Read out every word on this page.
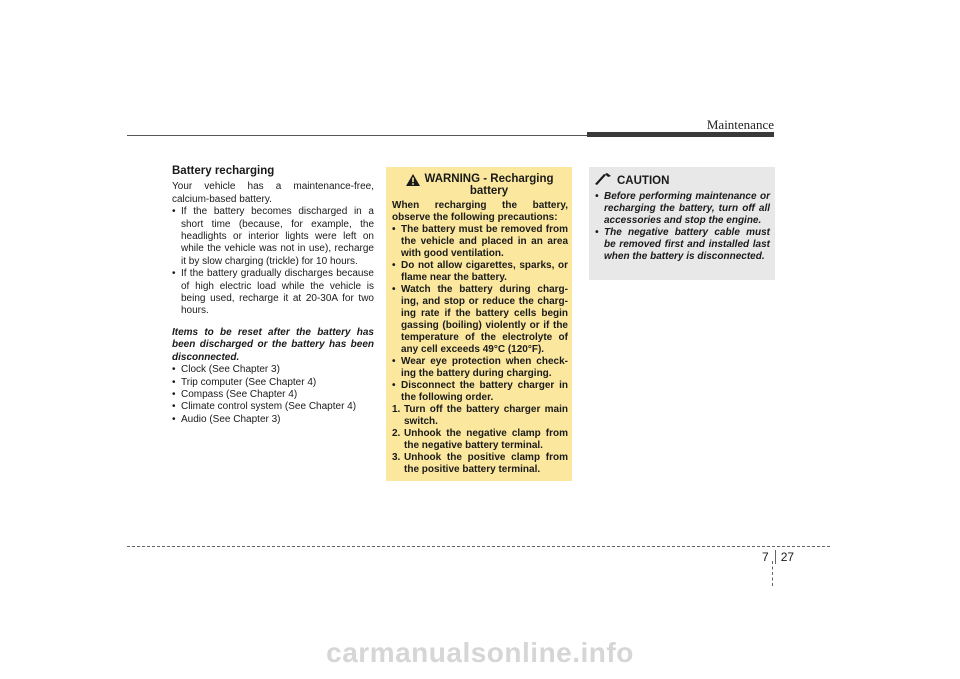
Maintenance
Battery recharging
Your vehicle has a maintenance-free, calcium-based battery.
• If the battery becomes discharged in a short time (because, for example, the headlights or interior lights were left on while the vehicle was not in use), recharge it by slow charging (trickle) for 10 hours.
• If the battery gradually discharges because of high electric load while the vehicle is being used, recharge it at 20-30A for two hours.
Items to be reset after the battery has been discharged or the battery has been disconnected.
• Clock (See Chapter 3)
• Trip computer (See Chapter 4)
• Compass (See Chapter 4)
• Climate control system (See Chapter 4)
• Audio (See Chapter 3)
WARNING - Recharging
battery
When recharging the battery, observe the following precautions:
• The battery must be removed from the vehicle and placed in an area with good ventilation.
• Do not allow cigarettes, sparks, or flame near the battery.
• Watch the battery during charg-ing, and stop or reduce the charg-ing rate if the battery cells begin gassing (boiling) violently or if the temperature of the electrolyte of any cell exceeds 49°C (120°F).
• Wear eye protection when check-ing the battery during charging.
• Disconnect the battery charger in the following order.
1. Turn off the battery charger main switch.
2. Unhook the negative clamp from the negative battery terminal.
3. Unhook the positive clamp from the positive battery terminal.
CAUTION
• Before performing maintenance or recharging the battery, turn off all accessories and stop the engine.
• The negative battery cable must be removed first and installed last when the battery is disconnected.
7	27
carmanualsonline.info
